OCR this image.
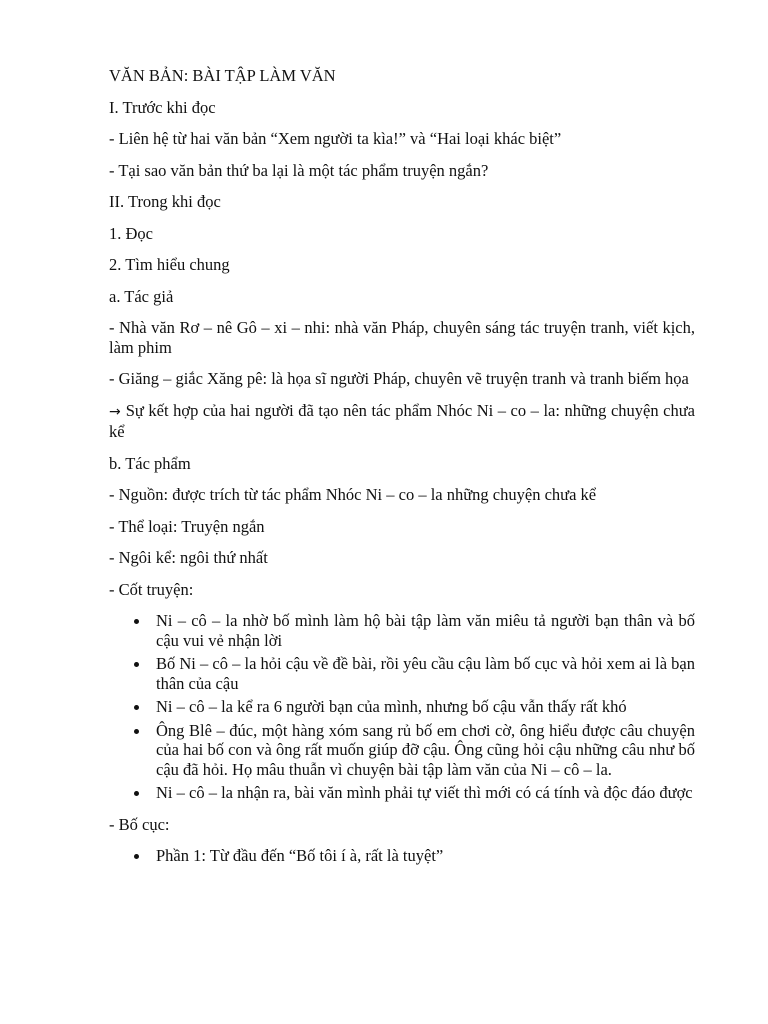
VĂN BẢN: BÀI TẬP LÀM VĂN

I. Trước khi đọc

- Liên hệ từ hai văn bản “Xem người ta kìa!” và “Hai loại khác biệt”

- Tại sao văn bản thứ ba lại là một tác phẩm truyện ngắn?

II. Trong khi đọc

1. Đọc

2. Tìm hiểu chung

a. Tác giả

- Nhà văn Rơ – nê Gô – xi – nhi: nhà văn Pháp, chuyên sáng tác truyện tranh, viết kịch, làm phim

- Giăng – giắc Xăng pê: là họa sĩ người Pháp, chuyên vẽ truyện tranh và tranh biếm họa

→ Sự kết hợp của hai người đã tạo nên tác phẩm Nhóc Ni – co – la: những chuyện chưa kể

b. Tác phẩm

- Nguồn: được trích từ tác phẩm Nhóc Ni – co – la những chuyện chưa kể

- Thể loại: Truyện ngắn

- Ngôi kể: ngôi thứ nhất

- Cốt truyện:

Ni – cô – la nhờ bố mình làm hộ bài tập làm văn miêu tả người bạn thân và bố cậu vui vẻ nhận lời
Bố Ni – cô – la hỏi cậu về đề bài, rồi yêu cầu cậu làm bố cục và hỏi xem ai là bạn thân của cậu
Ni – cô – la kể ra 6 người bạn của mình, nhưng bố cậu vẫn thấy rất khó
Ông Blê – đúc, một hàng xóm sang rủ bố em chơi cờ, ông hiểu được câu chuyện của hai bố con và ông rất muốn giúp đỡ cậu. Ông cũng hỏi cậu những câu như bố cậu đã hỏi. Họ mâu thuẫn vì chuyện bài tập làm văn của Ni – cô – la.
Ni – cô – la nhận ra, bài văn mình phải tự viết thì mới có cá tính và độc đáo được

- Bố cục:

Phần 1: Từ đầu đến “Bố tôi í à, rất là tuyệt”
